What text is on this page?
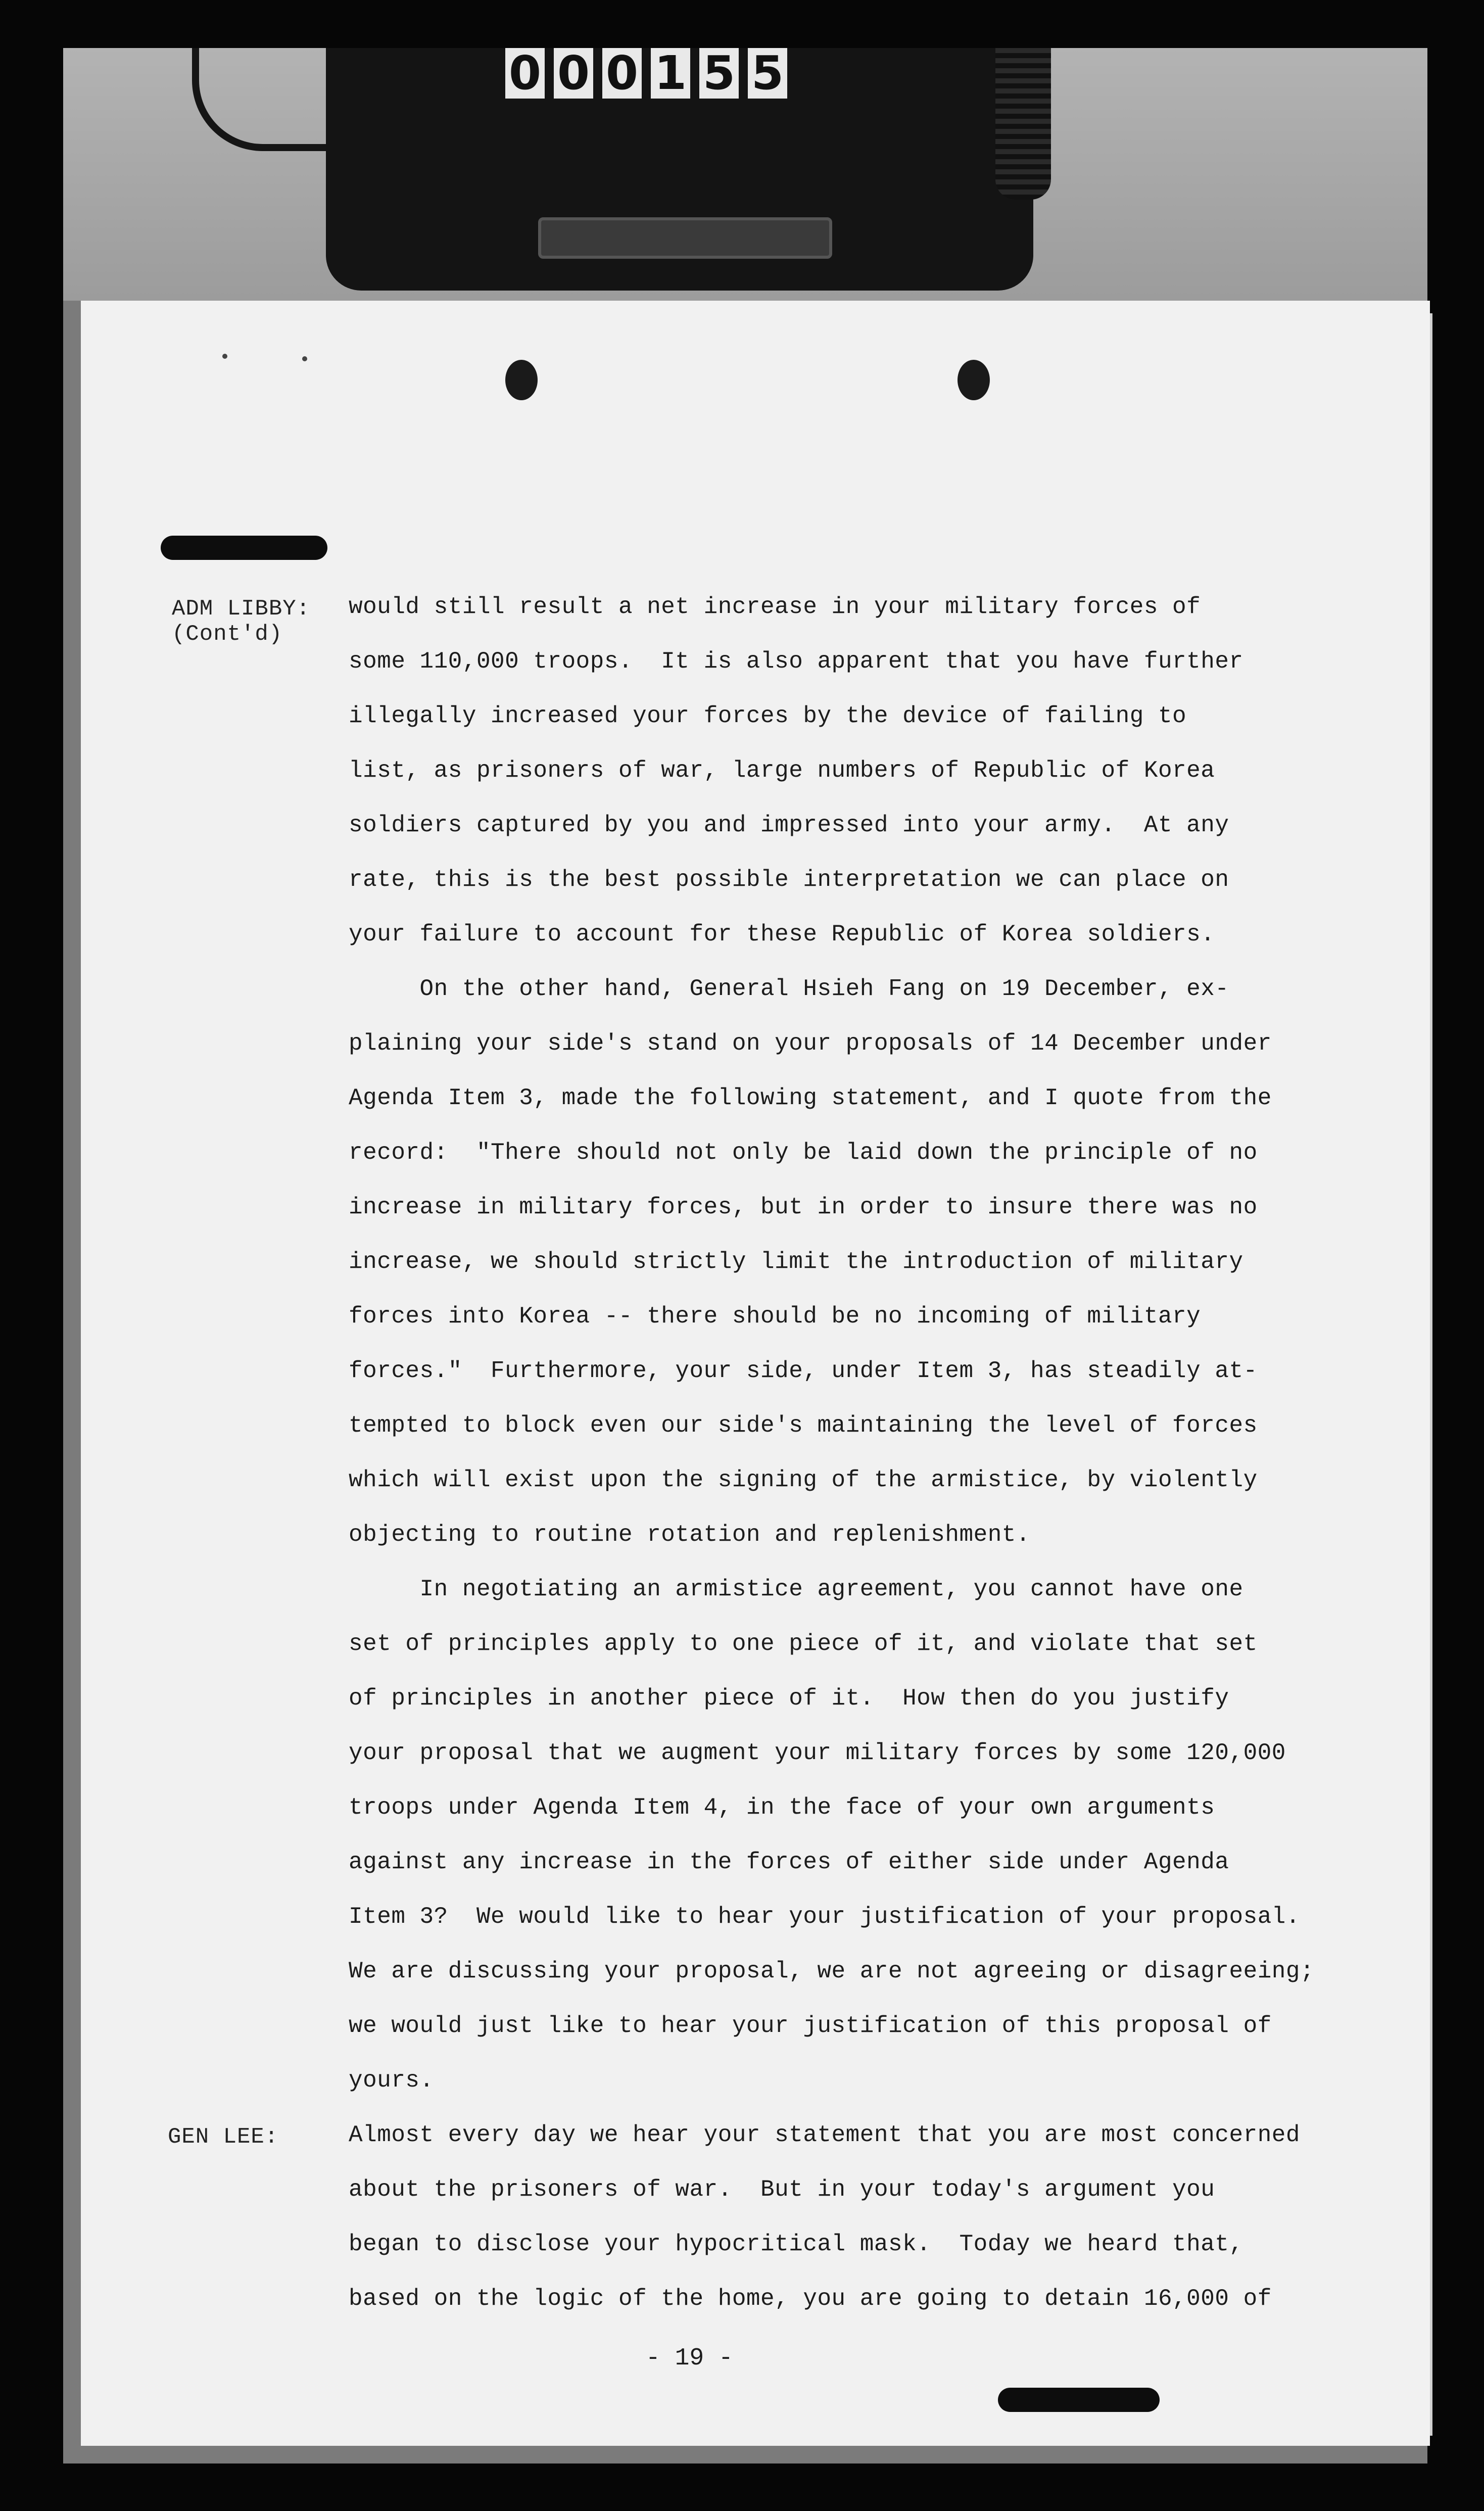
0 0 0 1 5 5
ADM LIBBY:
(Cont'd)
would still result a net increase in your military forces of
some 110,000 troops.  It is also apparent that you have further
illegally increased your forces by the device of failing to
list, as prisoners of war, large numbers of Republic of Korea
soldiers captured by you and impressed into your army.  At any
rate, this is the best possible interpretation we can place on
your failure to account for these Republic of Korea soldiers.
On the other hand, General Hsieh Fang on 19 December, ex-
plaining your side's stand on your proposals of 14 December under
Agenda Item 3, made the following statement, and I quote from the
record:  "There should not only be laid down the principle of no
increase in military forces, but in order to insure there was no
increase, we should strictly limit the introduction of military
forces into Korea -- there should be no incoming of military
forces."  Furthermore, your side, under Item 3, has steadily at-
tempted to block even our side's maintaining the level of forces
which will exist upon the signing of the armistice, by violently
objecting to routine rotation and replenishment.
In negotiating an armistice agreement, you cannot have one
set of principles apply to one piece of it, and violate that set
of principles in another piece of it.  How then do you justify
your proposal that we augment your military forces by some 120,000
troops under Agenda Item 4, in the face of your own arguments
against any increase in the forces of either side under Agenda
Item 3?  We would like to hear your justification of your proposal.
We are discussing your proposal, we are not agreeing or disagreeing;
we would just like to hear your justification of this proposal of
yours.
GEN LEE:	Almost every day we hear your statement that you are most concerned
about the prisoners of war.  But in your today's argument you
began to disclose your hypocritical mask.  Today we heard that,
based on the logic of the home, you are going to detain 16,000 of
- 19 -
